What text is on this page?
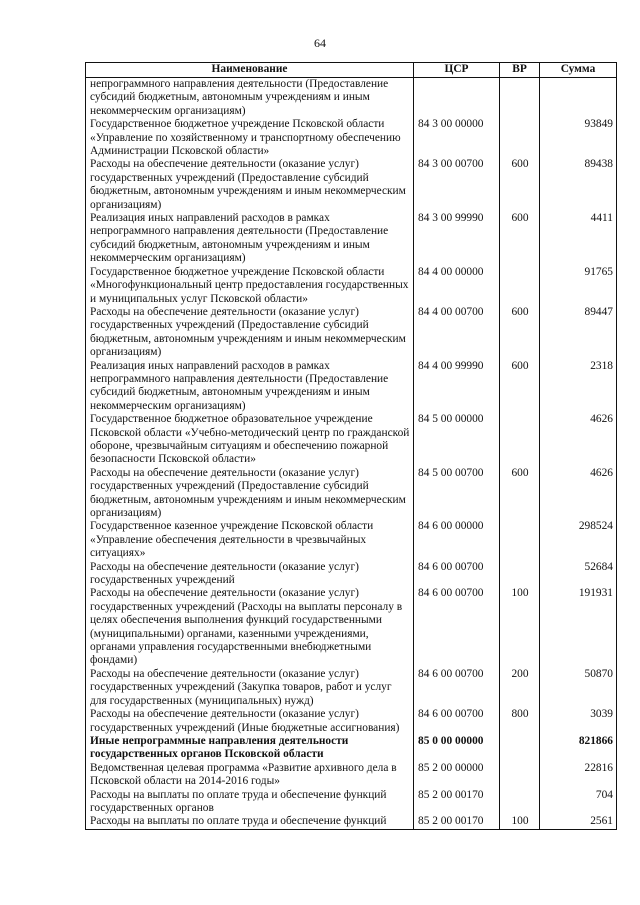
64
Наименование	ЦСР	ВР	Сумма
непрограммного направления деятельности (Предоставление субсидий бюджетным, автономным учреждениям и иным некоммерческим организациям)			
Государственное бюджетное учреждение Псковской области «Управление по хозяйственному и транспортному обеспечению Администрации Псковской области»	84 3 00 00000		93849
Расходы на обеспечение деятельности (оказание услуг) государственных учреждений (Предоставление субсидий бюджетным, автономным учреждениям и иным некоммерческим организациям)	84 3 00 00700	600	89438
Реализация иных направлений расходов в рамках непрограммного направления деятельности (Предоставление субсидий бюджетным, автономным учреждениям и иным некоммерческим организациям)	84 3 00 99990	600	4411
Государственное бюджетное учреждение Псковской области «Многофункциональный центр предоставления государственных и муниципальных услуг Псковской области»	84 4 00 00000		91765
Расходы на обеспечение деятельности (оказание услуг) государственных учреждений (Предоставление субсидий бюджетным, автономным учреждениям и иным некоммерческим организациям)	84 4 00 00700	600	89447
Реализация иных направлений расходов в рамках непрограммного направления деятельности (Предоставление субсидий бюджетным, автономным учреждениям и иным некоммерческим организациям)	84 4 00 99990	600	2318
Государственное бюджетное образовательное учреждение Псковской области «Учебно-методический центр по гражданской обороне, чрезвычайным ситуациям и обеспечению пожарной безопасности Псковской области»	84 5 00 00000		4626
Расходы на обеспечение деятельности (оказание услуг) государственных учреждений (Предоставление субсидий бюджетным, автономным учреждениям и иным некоммерческим организациям)	84 5 00 00700	600	4626
Государственное казенное учреждение Псковской области «Управление обеспечения деятельности в чрезвычайных ситуациях»	84 6 00 00000		298524
Расходы на обеспечение деятельности (оказание услуг) государственных учреждений	84 6 00 00700		52684
Расходы на обеспечение деятельности (оказание услуг) государственных учреждений (Расходы на выплаты персоналу в целях обеспечения выполнения функций государственными (муниципальными) органами, казенными учреждениями, органами управления государственными внебюджетными фондами)	84 6 00 00700	100	191931
Расходы на обеспечение деятельности (оказание услуг) государственных учреждений (Закупка товаров, работ и услуг для государственных (муниципальных) нужд)	84 6 00 00700	200	50870
Расходы на обеспечение деятельности (оказание услуг) государственных учреждений (Иные бюджетные ассигнования)	84 6 00 00700	800	3039
Иные непрограммные направления деятельности государственных органов Псковской области	85 0 00 00000		821866
Ведомственная целевая программа «Развитие архивного дела в Псковской области на 2014-2016 годы»	85 2 00 00000		22816
Расходы на выплаты по оплате труда и обеспечение функций государственных органов	85 2 00 00170		704
Расходы на выплаты по оплате труда и обеспечение функций	85 2 00 00170	100	2561
